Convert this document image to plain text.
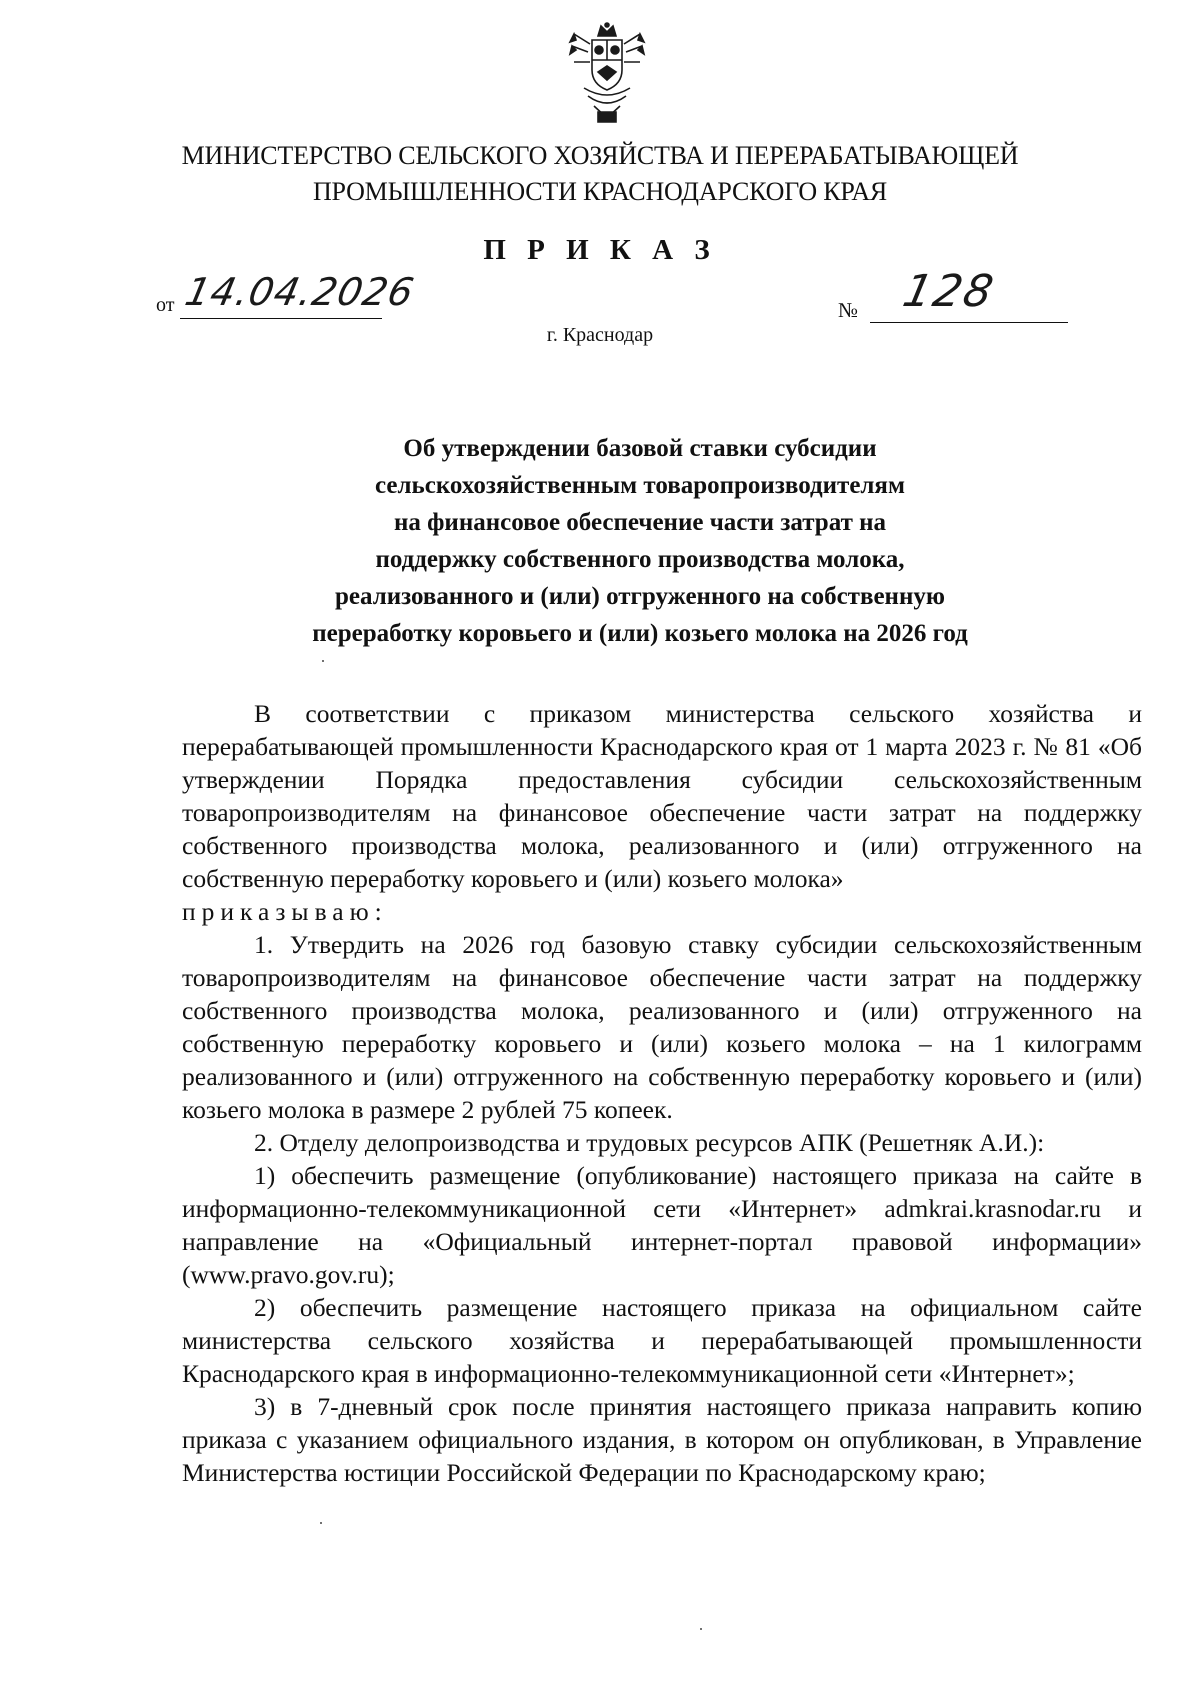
МИНИСТЕРСТВО СЕЛЬСКОГО ХОЗЯЙСТВА И ПЕРЕРАБАТЫВАЮЩЕЙ
ПРОМЫШЛЕННОСТИ КРАСНОДАРСКОГО КРАЯ
П Р И К А З
от 14.04.2026	№ 128
г. Краснодар
Об утверждении базовой ставки субсидии
сельскохозяйственным товаропроизводителям
на финансовое обеспечение части затрат на
поддержку собственного производства молока,
реализованного и (или) отгруженного на собственную
переработку коровьего и (или) козьего молока на 2026 год

В соответствии с приказом министерства сельского хозяйства и перерабатывающей промышленности Краснодарского края от 1 марта 2023 г. № 81 «Об утверждении Порядка предоставления субсидии сельскохозяйственным товаропроизводителям на финансовое обеспечение части затрат на поддержку собственного производства молока, реализованного и (или) отгруженного на собственную переработку коровьего и (или) козьего молока»

приказываю:

1. Утвердить на 2026 год базовую ставку субсидии сельскохозяйственным товаропроизводителям на финансовое обеспечение части затрат на поддержку собственного производства молока, реализованного и (или) отгруженного на собственную переработку коровьего и (или) козьего молока – на 1 килограмм реализованного и (или) отгруженного на собственную переработку коровьего и (или) козьего молока в размере 2 рублей 75 копеек.

2. Отделу делопроизводства и трудовых ресурсов АПК (Решетняк А.И.):

1) обеспечить размещение (опубликование) настоящего приказа на сайте в информационно-телекоммуникационной сети «Интернет» admkrai.krasnodar.ru и направление на «Официальный интернет-портал правовой информации» (www.pravo.gov.ru);

2) обеспечить размещение настоящего приказа на официальном сайте министерства сельского хозяйства и перерабатывающей промышленности Краснодарского края в информационно-телекоммуникационной сети «Интернет»;

3) в 7-дневный срок после принятия настоящего приказа направить копию приказа с указанием официального издания, в котором он опубликован, в Управление Министерства юстиции Российской Федерации по Краснодарскому краю;
